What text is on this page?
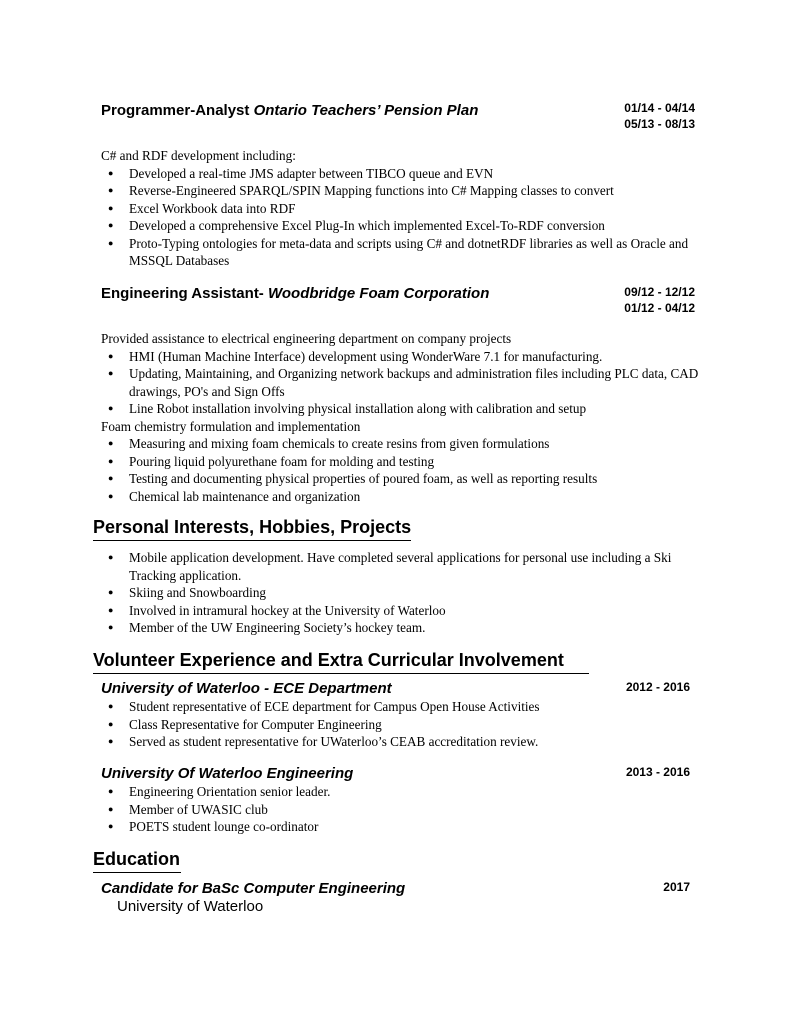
Programmer-Analyst Ontario Teachers’ Pension Plan	01/14 - 04/14
05/13 - 08/13

C# and RDF development including:

● Developed a real-time JMS adapter between TIBCO queue and EVN
● Reverse-Engineered SPARQL/SPIN Mapping functions into C# Mapping classes to convert
● Excel Workbook data into RDF
● Developed a comprehensive Excel Plug-In which implemented Excel-To-RDF conversion
● Proto-Typing ontologies for meta-data and scripts using C# and dotnetRDF libraries as well as Oracle and MSSQL Databases
Engineering Assistant- Woodbridge Foam Corporation	09/12 - 12/12
01/12 - 04/12

Provided assistance to electrical engineering department on company projects

● HMI (Human Machine Interface) development using WonderWare 7.1 for manufacturing.
● Updating, Maintaining, and Organizing network backups and administration files including PLC data, CAD drawings, PO's and Sign Offs
● Line Robot installation involving physical installation along with calibration and setup

Foam chemistry formulation and implementation

● Measuring and mixing foam chemicals to create resins from given formulations
● Pouring liquid polyurethane foam for molding and testing
● Testing and documenting physical properties of poured foam, as well as reporting results
● Chemical lab maintenance and organization
Personal Interests, Hobbies, Projects
● Mobile application development. Have completed several applications for personal use including a Ski Tracking application.
● Skiing and Snowboarding
● Involved in intramural hockey at the University of Waterloo
● Member of the UW Engineering Society’s hockey team.
Volunteer Experience and Extra Curricular Involvement
University of Waterloo - ECE Department	2012 - 2016
● Student representative of ECE department for Campus Open House Activities
● Class Representative for Computer Engineering
● Served as student representative for UWaterloo’s CEAB accreditation review.
University Of Waterloo Engineering	2013 - 2016
● Engineering Orientation senior leader.
● Member of UWASIC club
● POETS student lounge co-ordinator
Education
Candidate for BaSc Computer Engineering	2017
University of Waterloo
